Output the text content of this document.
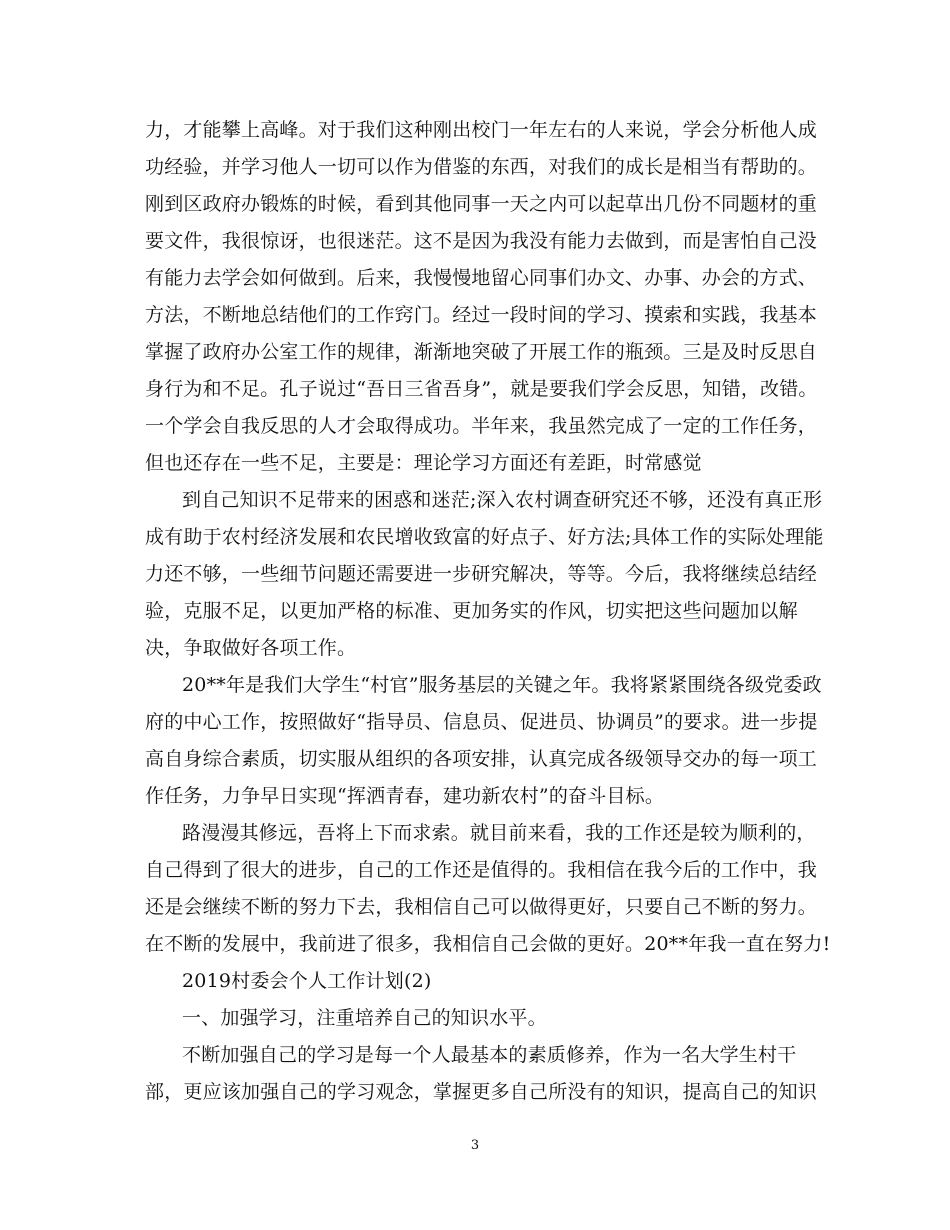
力，才能攀上高峰。对于我们这种刚出校门一年左右的人来说，学会分析他人成
功经验，并学习他人一切可以作为借鉴的东西，对我们的成长是相当有帮助的。
刚到区政府办锻炼的时候，看到其他同事一天之内可以起草出几份不同题材的重
要文件，我很惊讶，也很迷茫。这不是因为我没有能力去做到，而是害怕自己没
有能力去学会如何做到。后来，我慢慢地留心同事们办文、办事、办会的方式、
方法，不断地总结他们的工作窍门。经过一段时间的学习、摸索和实践，我基本
掌握了政府办公室工作的规律，渐渐地突破了开展工作的瓶颈。三是及时反思自
身行为和不足。孔子说过“吾日三省吾身”，就是要我们学会反思，知错，改错。
一个学会自我反思的人才会取得成功。半年来，我虽然完成了一定的工作任务，
但也还存在一些不足，主要是：理论学习方面还有差距，时常感觉
到自己知识不足带来的困惑和迷茫;深入农村调查研究还不够，还没有真正形
成有助于农村经济发展和农民增收致富的好点子、好方法;具体工作的实际处理能
力还不够，一些细节问题还需要进一步研究解决，等等。今后，我将继续总结经
验，克服不足，以更加严格的标准、更加务实的作风，切实把这些问题加以解
决，争取做好各项工作。
20**年是我们大学生“村官”服务基层的关键之年。我将紧紧围绕各级党委政
府的中心工作，按照做好“指导员、信息员、促进员、协调员”的要求。进一步提
高自身综合素质，切实服从组织的各项安排，认真完成各级领导交办的每一项工
作任务，力争早日实现“挥洒青春，建功新农村”的奋斗目标。
路漫漫其修远，吾将上下而求索。就目前来看，我的工作还是较为顺利的，
自己得到了很大的进步，自己的工作还是值得的。我相信在我今后的工作中，我
还是会继续不断的努力下去，我相信自己可以做得更好，只要自己不断的努力。
在不断的发展中，我前进了很多，我相信自己会做的更好。20**年我一直在努力!
2019村委会个人工作计划(2)
一、加强学习，注重培养自己的知识水平。
不断加强自己的学习是每一个人最基本的素质修养，作为一名大学生村干
部，更应该加强自己的学习观念，掌握更多自己所没有的知识，提高自己的知识
3
